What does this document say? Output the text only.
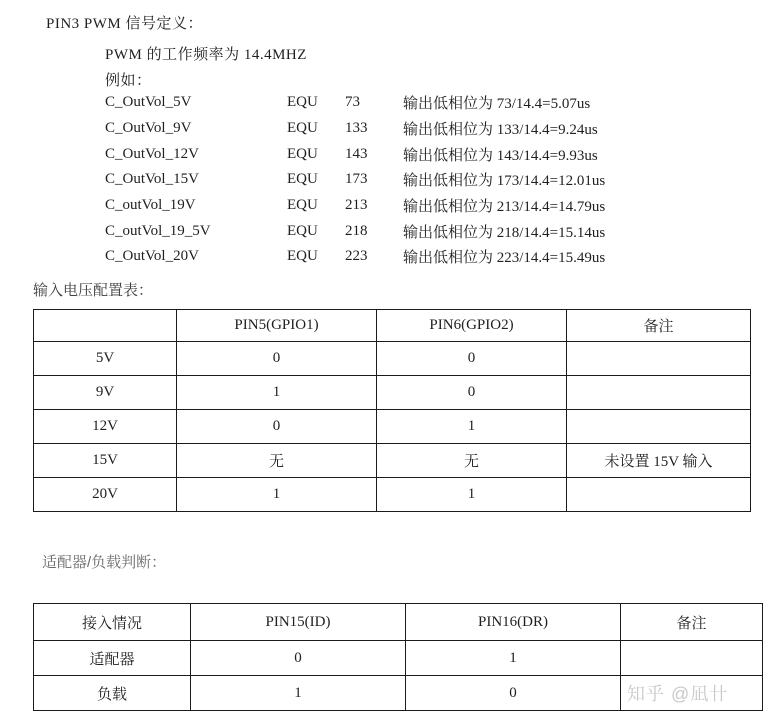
PIN3 PWM 信号定义：
PWM 的工作频率为 14.4MHZ
例如：
C_OutVol_5V	EQU	73	输出低相位为 73/14.4=5.07us
C_OutVol_9V	EQU	133	输出低相位为 133/14.4=9.24us
C_OutVol_12V	EQU	143	输出低相位为 143/14.4=9.93us
C_OutVol_15V	EQU	173	输出低相位为 173/14.4=12.01us
C_outVol_19V	EQU	213	输出低相位为 213/14.4=14.79us
C_outVol_19_5V	EQU	218	输出低相位为 218/14.4=15.14us
C_OutVol_20V	EQU	223	输出低相位为 223/14.4=15.49us
输入电压配置表：
	PIN5(GPIO1)	PIN6(GPIO2)	备注
5V	0	0	
9V	1	0	
12V	0	1	
15V	无	无	未设置 15V 输入
20V	1	1	
适配器/负载判断：
接入情况	PIN15(ID)	PIN16(DR)	备注
适配器	0	1	
负载	1	0		知乎 @凪卄
